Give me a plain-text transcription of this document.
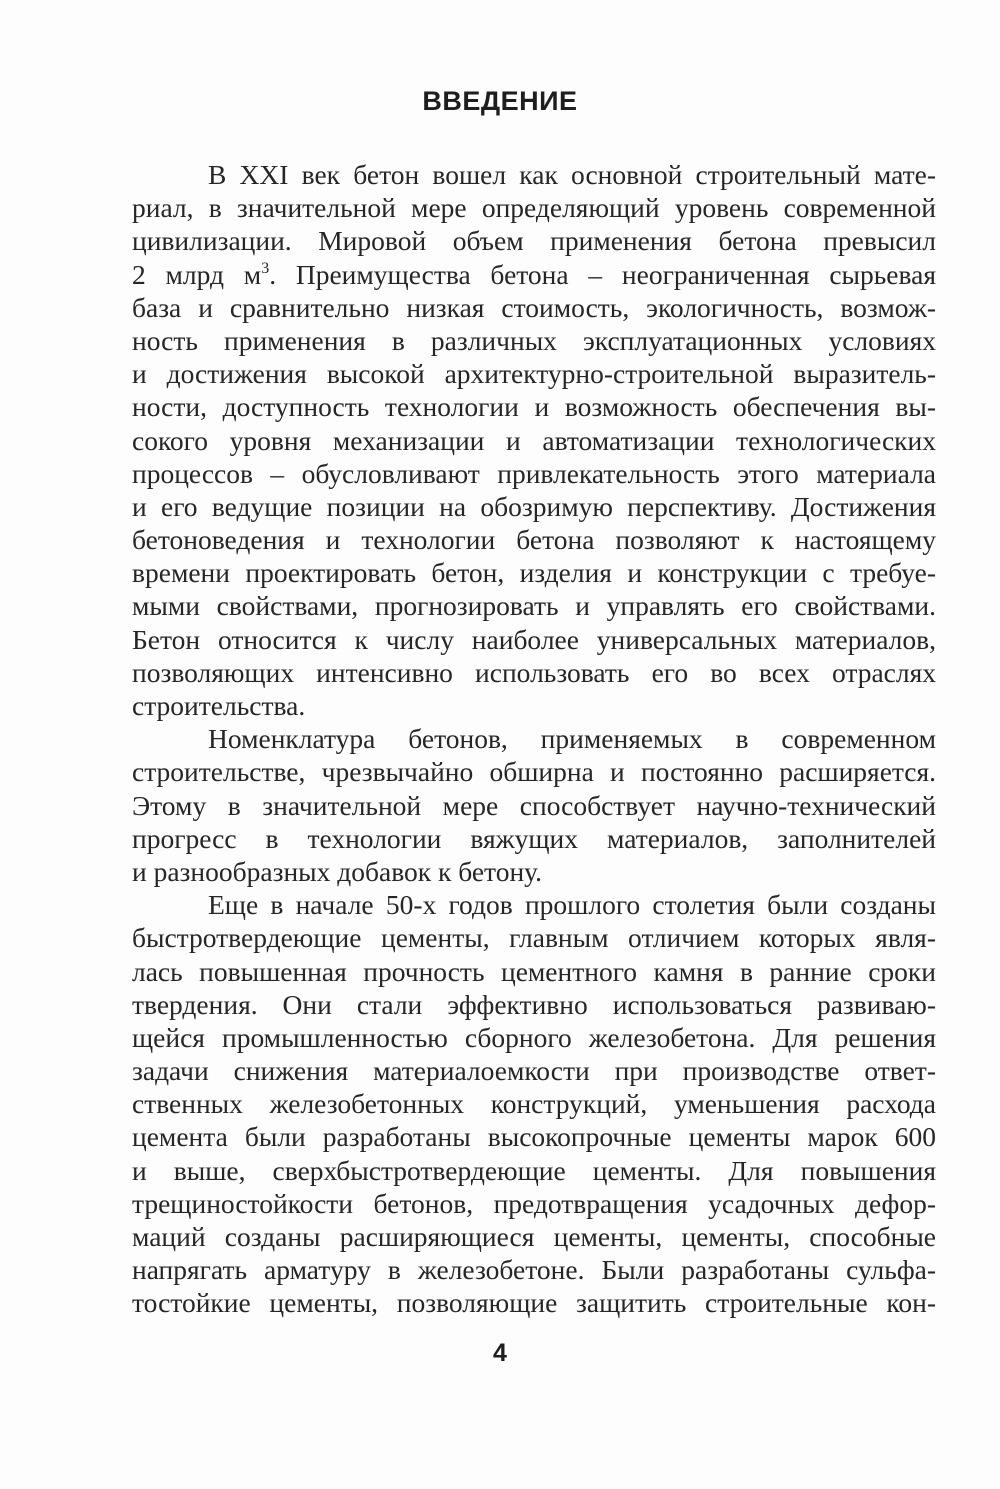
ВВЕДЕНИЕ
В XXI век бетон вошел как основной строительный мате-
риал, в значительной мере определяющий уровень современной
цивилизации. Мировой объем применения бетона превысил
2 млрд $м^3$. Преимущества бетона – неограниченная сырьевая
база и сравнительно низкая стоимость, экологичность, возмож-
ность применения в различных эксплуатационных условиях
и достижения высокой архитектурно-строительной выразитель-
ности, доступность технологии и возможность обеспечения вы-
сокого уровня механизации и автоматизации технологических
процессов – обусловливают привлекательность этого материала
и его ведущие позиции на обозримую перспективу. Достижения
бетоноведения и технологии бетона позволяют к настоящему
времени проектировать бетон, изделия и конструкции с требуе-
мыми свойствами, прогнозировать и управлять его свойствами.
Бетон относится к числу наиболее универсальных материалов,
позволяющих интенсивно использовать его во всех отраслях
строительства.
Номенклатура бетонов, применяемых в современном
строительстве, чрезвычайно обширна и постоянно расширяется.
Этому в значительной мере способствует научно-технический
прогресс в технологии вяжущих материалов, заполнителей
и разнообразных добавок к бетону.
Еще в начале 50-х годов прошлого столетия были созданы
быстротвердеющие цементы, главным отличием которых явля-
лась повышенная прочность цементного камня в ранние сроки
твердения. Они стали эффективно использоваться развиваю-
щейся промышленностью сборного железобетона. Для решения
задачи снижения материалоемкости при производстве ответ-
ственных железобетонных конструкций, уменьшения расхода
цемента были разработаны высокопрочные цементы марок 600
и выше, сверхбыстротвердеющие цементы. Для повышения
трещиностойкости бетонов, предотвращения усадочных дефор-
маций созданы расширяющиеся цементы, цементы, способные
напрягать арматуру в железобетоне. Были разработаны сульфа-
тостойкие цементы, позволяющие защитить строительные кон-
4
